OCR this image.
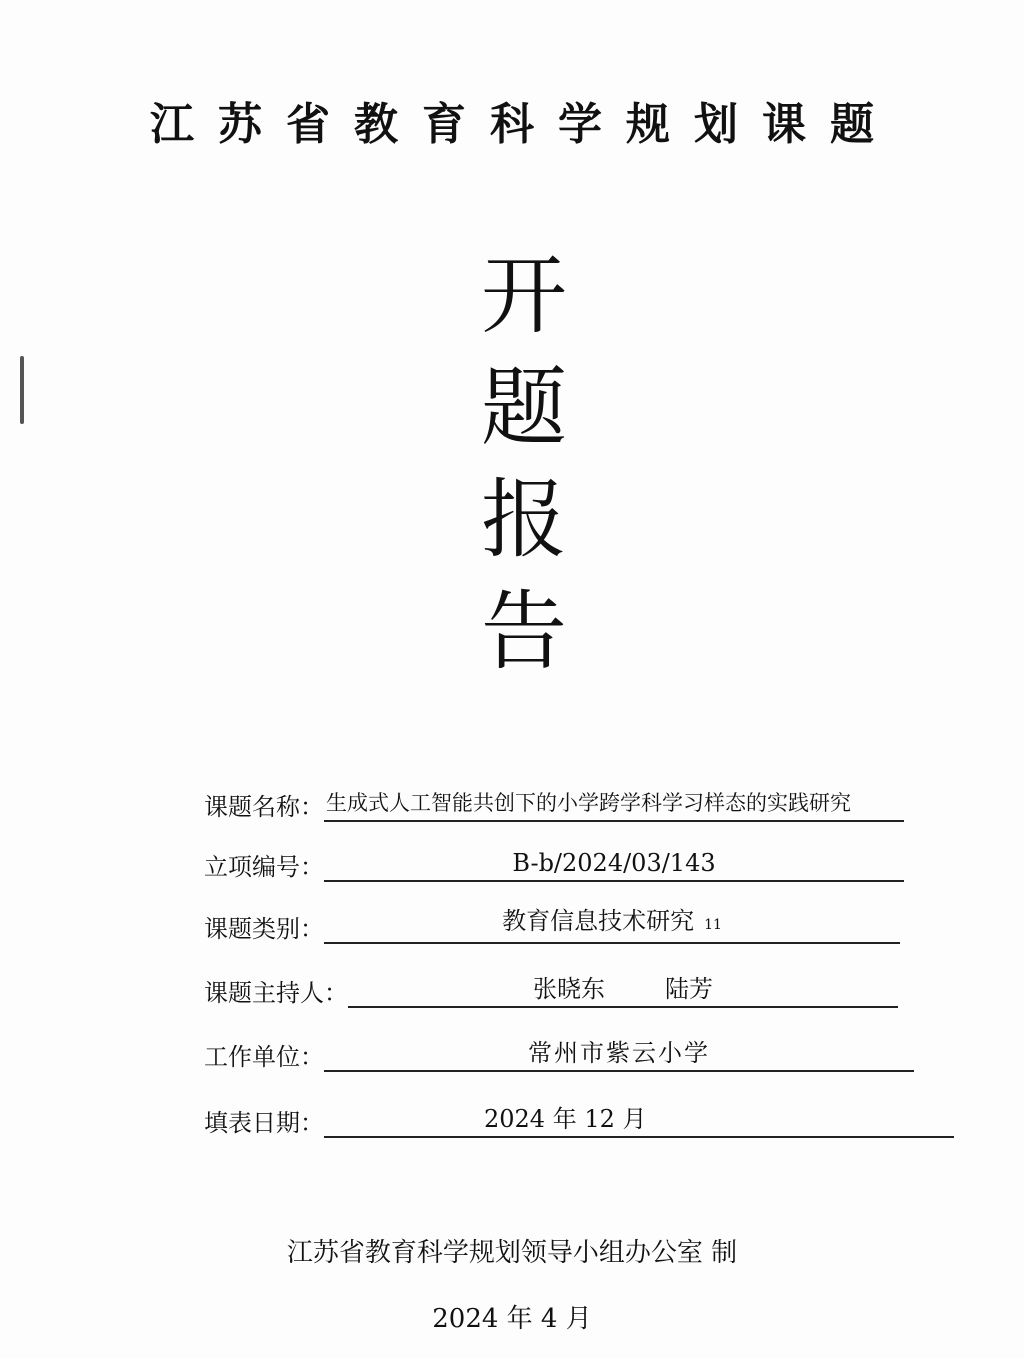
江苏省教育科学规划课题
开
题
报
告
课题名称： 生成式人工智能共创下的小学跨学科学习样态的实践研究
立项编号：	B-b/2024/03/143
课题类别：	教育信息技术研究 11
课题主持人：	张晓东	陆芳
工作单位：	常州市紫云小学
填表日期：	2024 年 12 月
江苏省教育科学规划领导小组办公室 制
2024 年 4 月
